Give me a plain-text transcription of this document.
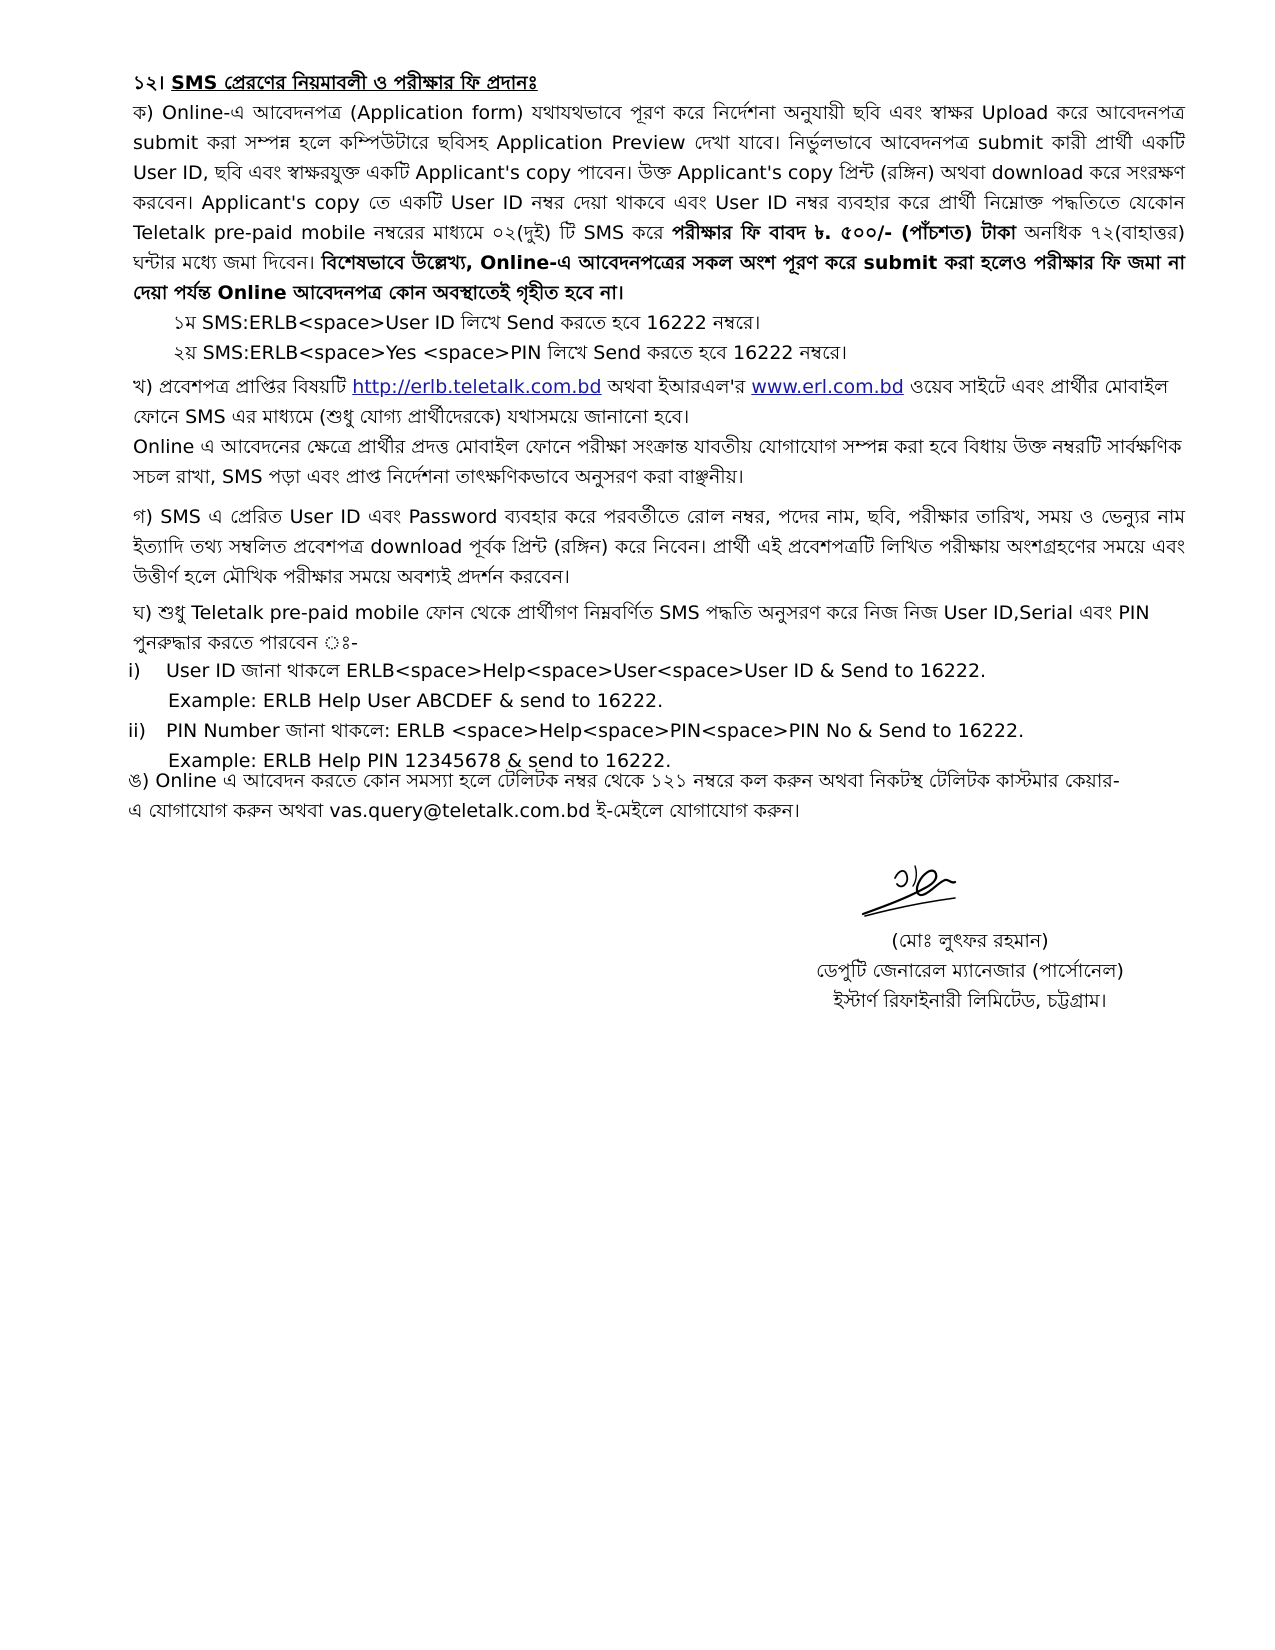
১২। SMS প্রেরণের নিয়মাবলী ও পরীক্ষার ফি প্রদানঃ
ক) Online-এ আবেদনপত্র (Application form) যথাযথভাবে পূরণ করে নির্দেশনা অনুযায়ী ছবি এবং স্বাক্ষর Upload করে আবেদনপত্র submit করা সম্পন্ন হলে কম্পিউটারে ছবিসহ Application Preview দেখা যাবে। নির্ভুলভাবে আবেদনপত্র submit কারী প্রার্থী একটি User ID, ছবি এবং স্বাক্ষরযুক্ত একটি Applicant's copy পাবেন। উক্ত Applicant's copy প্রিন্ট (রঙ্গিন) অথবা download করে সংরক্ষণ করবেন। Applicant's copy তে একটি User ID নম্বর দেয়া থাকবে এবং User ID নম্বর ব্যবহার করে প্রার্থী নিম্নোক্ত পদ্ধতিতে যেকোন Teletalk pre-paid mobile নম্বরের মাধ্যমে ০২(দুই) টি SMS করে পরীক্ষার ফি বাবদ ৳. ৫০০/- (পাঁচশত) টাকা অনধিক ৭২(বাহাত্তর) ঘন্টার মধ্যে জমা দিবেন। বিশেষভাবে উল্লেখ্য, Online-এ আবেদনপত্রের সকল অংশ পূরণ করে submit করা হলেও পরীক্ষার ফি জমা না দেয়া পর্যন্ত Online আবেদনপত্র কোন অবস্থাতেই গৃহীত হবে না।
১ম SMS:ERLB<space>User ID লিখে Send করতে হবে 16222 নম্বরে।
২য় SMS:ERLB<space>Yes <space>PIN লিখে Send করতে হবে 16222 নম্বরে।
খ) প্রবেশপত্র প্রাপ্তির বিষয়টি http://erlb.teletalk.com.bd অথবা ইআরএল'র www.erl.com.bd ওয়েব সাইটে এবং প্রার্থীর মোবাইল ফোনে SMS এর মাধ্যমে (শুধু যোগ্য প্রার্থীদেরকে) যথাসময়ে জানানো হবে।
Online এ আবেদনের ক্ষেত্রে প্রার্থীর প্রদত্ত মোবাইল ফোনে পরীক্ষা সংক্রান্ত যাবতীয় যোগাযোগ সম্পন্ন করা হবে বিধায় উক্ত নম্বরটি সার্বক্ষণিক সচল রাখা, SMS পড়া এবং প্রাপ্ত নির্দেশনা তাৎক্ষণিকভাবে অনুসরণ করা বাঞ্ছনীয়।
গ) SMS এ প্রেরিত User ID এবং Password ব্যবহার করে পরবর্তীতে রোল নম্বর, পদের নাম, ছবি, পরীক্ষার তারিখ, সময় ও ভেন্যুর নাম ইত্যাদি তথ্য সম্বলিত প্রবেশপত্র download পূর্বক প্রিন্ট (রঙ্গিন) করে নিবেন। প্রার্থী এই প্রবেশপত্রটি লিখিত পরীক্ষায় অংশগ্রহণের সময়ে এবং উত্তীর্ণ হলে মৌখিক পরীক্ষার সময়ে অবশ্যই প্রদর্শন করবেন।
ঘ) শুধু Teletalk pre-paid mobile ফোন থেকে প্রার্থীগণ নিম্নবর্ণিত SMS পদ্ধতি অনুসরণ করে নিজ নিজ User ID,Serial এবং PIN পুনরুদ্ধার করতে পারবেন ঃ-
i) User ID জানা থাকলে ERLB<space>Help<space>User<space>User ID & Send to 16222.
Example: ERLB Help User ABCDEF & send to 16222.
ii) PIN Number জানা থাকলে: ERLB <space>Help<space>PIN<space>PIN No & Send to 16222.
Example: ERLB Help PIN 12345678 & send to 16222.
ঙ) Online এ আবেদন করতে কোন সমস্যা হলে টেলিটক নম্বর থেকে ১২১ নম্বরে কল করুন অথবা নিকটস্থ টেলিটক কাস্টমার কেয়ার-এ যোগাযোগ করুন অথবা vas.query@teletalk.com.bd ই-মেইলে যোগাযোগ করুন।
(মোঃ লুৎফর রহমান)
ডেপুটি জেনারেল ম্যানেজার (পার্সোনেল)
ইস্টার্ণ রিফাইনারী লিমিটেড, চট্টগ্রাম।
